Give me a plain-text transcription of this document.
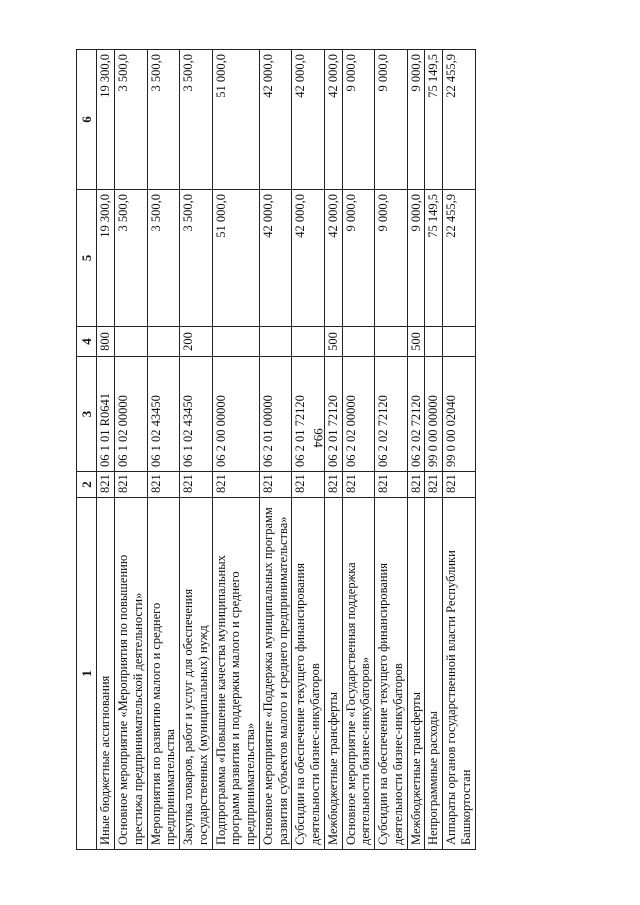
994
1	2	3	4	5	6
Иные бюджетные ассигнования	821	06 1 01 R0641	800	19 300,0	19 300,0
Основное мероприятие «Мероприятия по повышению престижа предпринимательской деятельности»	821	06 1 02 00000		3 500,0	3 500,0
Мероприятия по развитию малого и среднего предпринимательства	821	06 1 02 43450		3 500,0	3 500,0
Закупка товаров, работ и услуг для обеспечения государственных (муниципальных) нужд	821	06 1 02 43450	200	3 500,0	3 500,0
Подпрограмма «Повышение качества муниципальных программ развития и поддержки малого и среднего предпринимательства»	821	06 2 00 00000		51 000,0	51 000,0
Основное мероприятие «Поддержка муниципальных программ развития субъектов малого и среднего предпринимательства»	821	06 2 01 00000		42 000,0	42 000,0
Субсидии на обеспечение текущего финансирования деятельности бизнес-инкубаторов	821	06 2 01 72120		42 000,0	42 000,0
Межбюджетные трансферты	821	06 2 01 72120	500	42 000,0	42 000,0
Основное мероприятие «Государственная поддержка деятельности бизнес-инкубаторов»	821	06 2 02 00000		9 000,0	9 000,0
Субсидии на обеспечение текущего финансирования деятельности бизнес-инкубаторов	821	06 2 02 72120		9 000,0	9 000,0
Межбюджетные трансферты	821	06 2 02 72120	500	9 000,0	9 000,0
Непрограммные расходы	821	99 0 00 00000		75 149,5	75 149,5
Аппараты органов государственной власти Республики Башкортостан	821	99 0 00 02040		22 455,9	22 455,9
